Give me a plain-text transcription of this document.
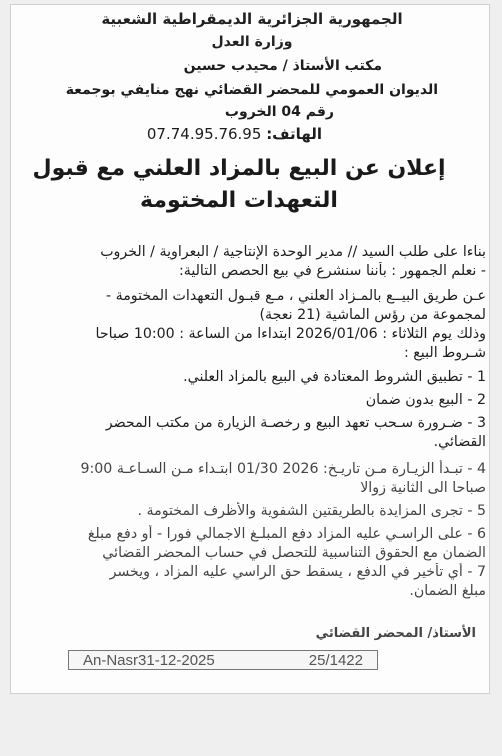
الجمهورية الجزائرية الديمقراطية الشعبية
وزارة العدل
مكتب الأستاذ / محيدب حسين
الديوان العمومي للمحضر القضائي نهج منايفي بوجمعة
رقم 04 الخروب
الهاتف: 07.74.95.76.95
إعلان عن البيع بالمزاد العلني مع قبول
التعهدات المختومة
بناءا على طلب السيد // مدير الوحدة الإنتاجية / البعراوية / الخروب
- نعلم الجمهور : بأننا سنشرع في بيع الحصص التالية:
عـن طريق البيــع بالمـزاد العلني ، مـع قبـول التعهدات المختومة -
لمجموعة من رؤس الماشية (21 نعجة)
وذلك يوم الثلاثاء : 2026/01/06 ابتداءا من الساعة : 10:00 صباحا
شـروط البيع :
1 - تطبيق الشروط المعتادة في البيع بالمزاد العلني.
2 - البيع بدون ضمان
3 - ضـرورة سـحب تعهد البيع و رخصـة الزيارة من مكتب المحضر
القضائي.
4 - تبـدأ الزيـارة مـن تاريـخ: 2026 01/30 ابتـداء مـن السـاعـة 9:00
صباحا الى الثانية زوالا
5 - تجرى المزايدة بالطريقتين الشفوية والأظرف المختومة .
6 - على الراسـي عليه المزاد دفع المبلـغ الاجمالي فورا - أو دفع مبلغ
الضمان مع الحقوق التناسبية للتحصل في حساب المحضر القضائي
7 - أي تأخير في الدفع ، يسقط حق الراسي عليه المزاد ، ويخسر
مبلغ الضمان.
الأستاذ/ المحضر القضائي
An-Nasr31-12-2025	25/1422
